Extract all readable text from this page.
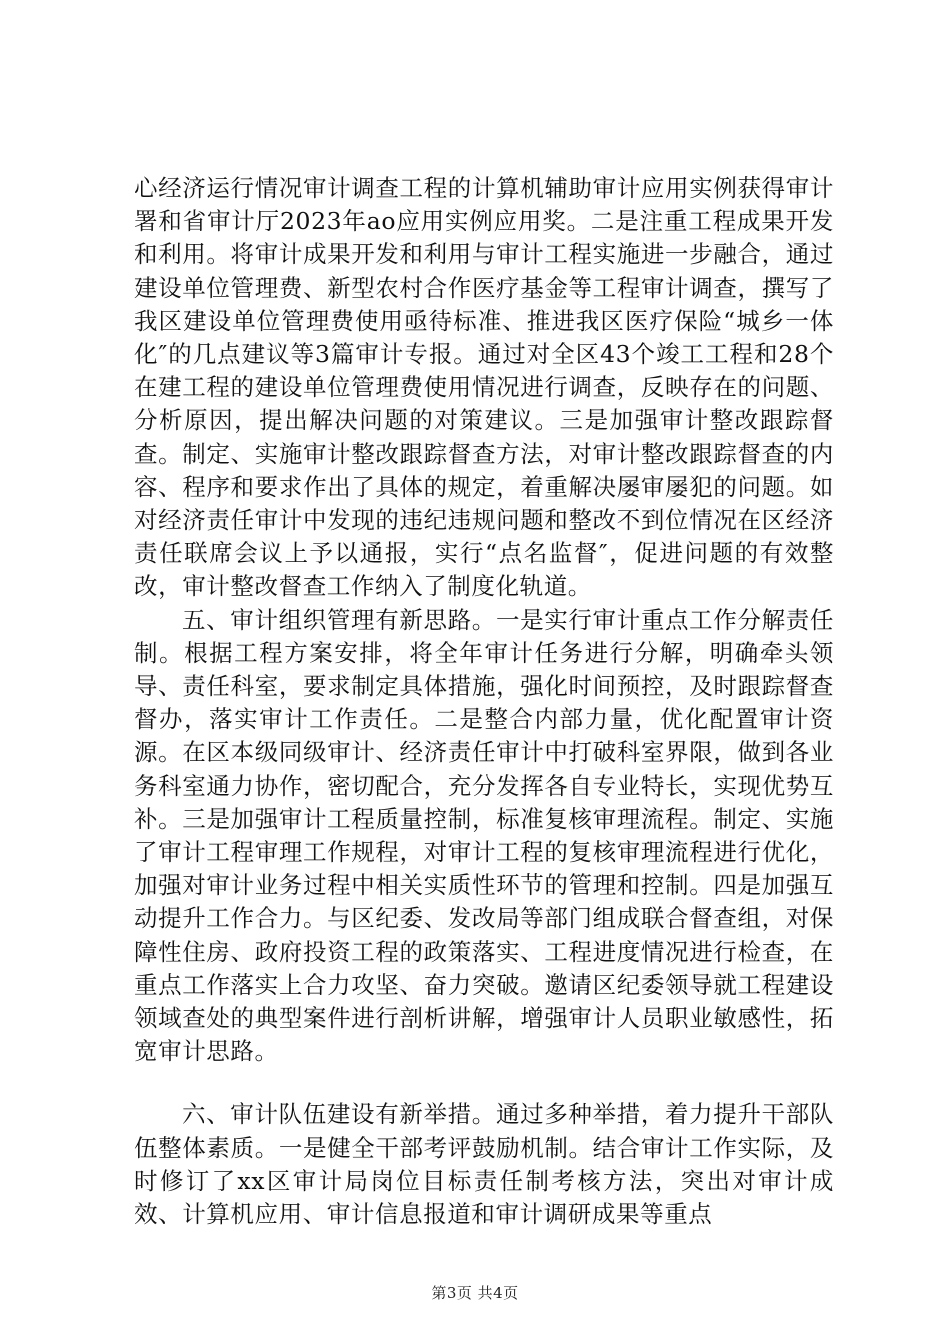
心经济运行情况审计调查工程的计算机辅助审计应用实例获得审计署和省审计厅2023年ao应用实例应用奖。二是注重工程成果开发和利用。将审计成果开发和利用与审计工程实施进一步融合，通过建设单位管理费、新型农村合作医疗基金等工程审计调查，撰写了我区建设单位管理费使用亟待标准、推进我区医疗保险“城乡一体化″的几点建议等3篇审计专报。通过对全区43个竣工工程和28个在建工程的建设单位管理费使用情况进行调查，反映存在的问题、分析原因，提出解决问题的对策建议。三是加强审计整改跟踪督查。制定、实施审计整改跟踪督查方法，对审计整改跟踪督查的内容、程序和要求作出了具体的规定，着重解决屡审屡犯的问题。如对经济责任审计中发现的违纪违规问题和整改不到位情况在区经济责任联席会议上予以通报，实行“点名监督″，促进问题的有效整改，审计整改督查工作纳入了制度化轨道。

五、审计组织管理有新思路。一是实行审计重点工作分解责任制。根据工程方案安排，将全年审计任务进行分解，明确牵头领导、责任科室，要求制定具体措施，强化时间预控，及时跟踪督查督办，落实审计工作责任。二是整合内部力量，优化配置审计资源。在区本级同级审计、经济责任审计中打破科室界限，做到各业务科室通力协作，密切配合，充分发挥各自专业特长，实现优势互补。三是加强审计工程质量控制，标准复核审理流程。制定、实施了审计工程审理工作规程，对审计工程的复核审理流程进行优化，加强对审计业务过程中相关实质性环节的管理和控制。四是加强互动提升工作合力。与区纪委、发改局等部门组成联合督查组，对保障性住房、政府投资工程的政策落实、工程进度情况进行检查，在重点工作落实上合力攻坚、奋力突破。邀请区纪委领导就工程建设领域查处的典型案件进行剖析讲解，增强审计人员职业敏感性，拓宽审计思路。

六、审计队伍建设有新举措。通过多种举措，着力提升干部队伍整体素质。一是健全干部考评鼓励机制。结合审计工作实际，及时修订了xx区审计局岗位目标责任制考核方法，突出对审计成效、计算机应用、审计信息报道和审计调研成果等重点

第3页 共4页
